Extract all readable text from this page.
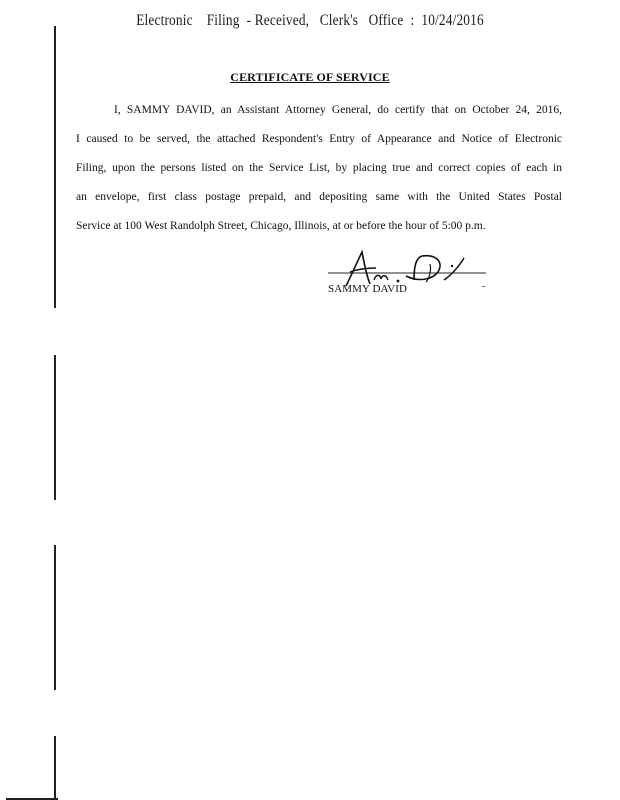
Electronic    Filing  - Received,   Clerk's   Office  :  10/24/2016
CERTIFICATE OF SERVICE
I, SAMMY DAVID, an Assistant Attorney General, do certify that on October 24, 2016,
I caused to be served, the attached Respondent's Entry of Appearance and Notice of Electronic
Filing, upon the persons listed on the Service List, by placing true and correct copies of each in
an envelope, first class postage prepaid, and depositing same with the United States Postal
Service at 100 West Randolph Street, Chicago, Illinois, at or before the hour of 5:00 p.m.
SAMMY DAVID
